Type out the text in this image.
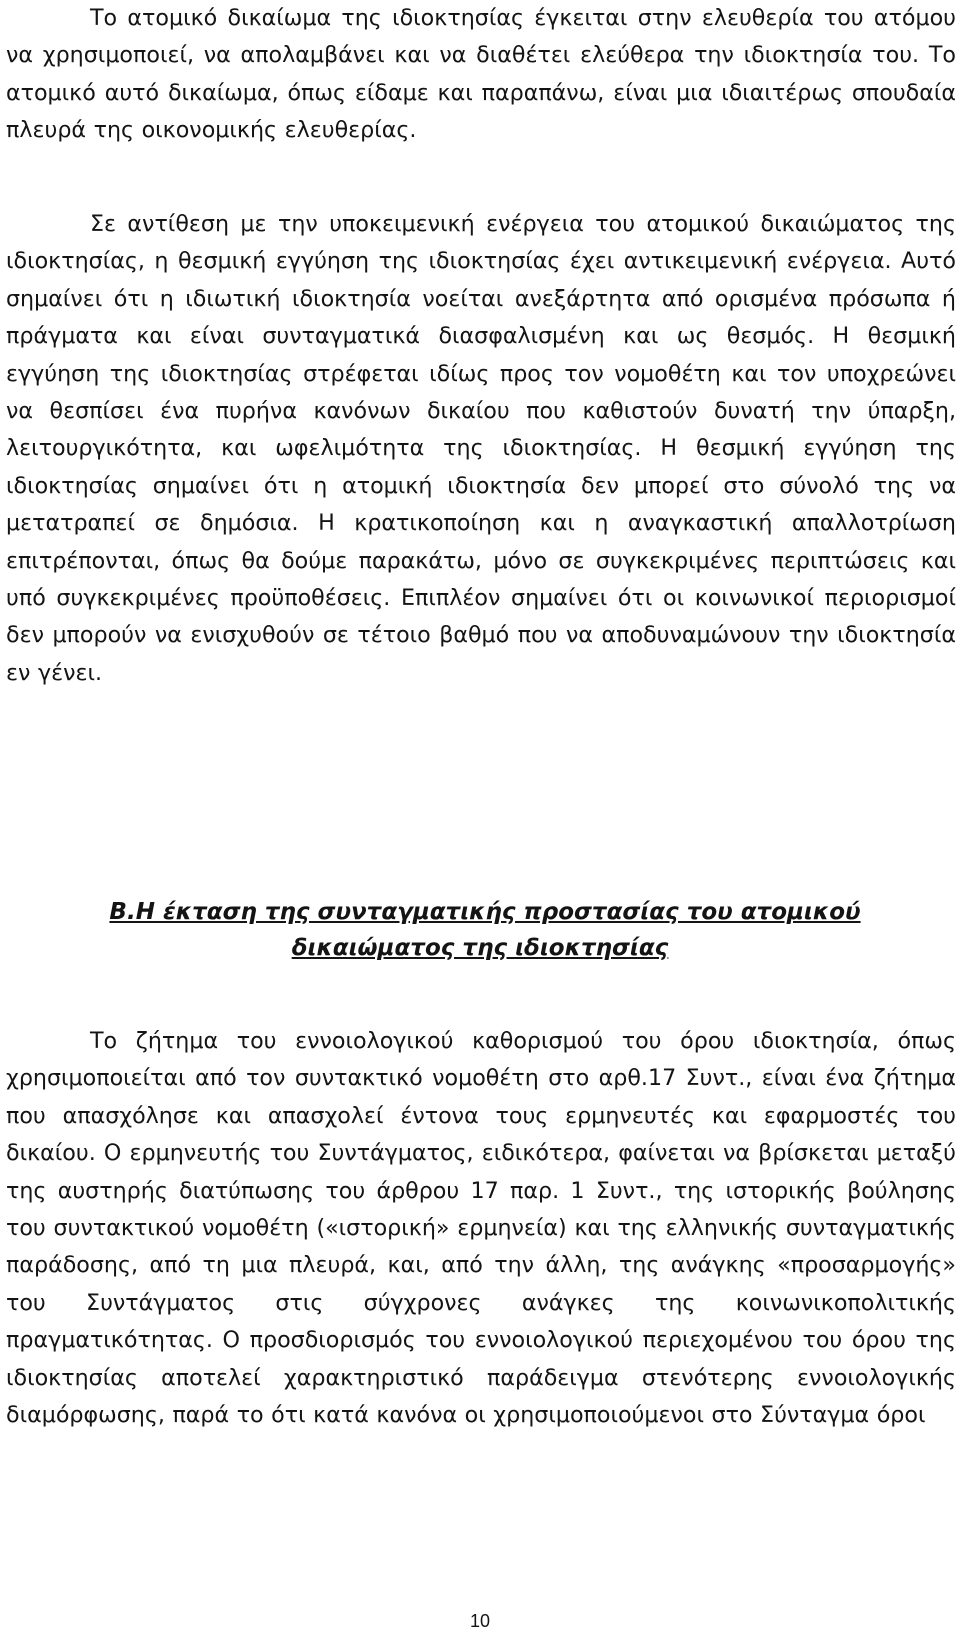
Το ατομικό δικαίωμα της ιδιοκτησίας έγκειται στην ελευθερία του ατόμου να χρησιμοποιεί, να απολαμβάνει και να διαθέτει ελεύθερα την ιδιοκτησία του. Το ατομικό αυτό δικαίωμα, όπως είδαμε και παραπάνω, είναι μια ιδιαιτέρως σπουδαία πλευρά της οικονομικής ελευθερίας.

Σε αντίθεση με την υποκειμενική ενέργεια του ατομικού δικαιώματος της ιδιοκτησίας, η θεσμική εγγύηση της ιδιοκτησίας έχει αντικειμενική ενέργεια. Αυτό σημαίνει ότι η ιδιωτική ιδιοκτησία νοείται ανεξάρτητα από ορισμένα πρόσωπα ή πράγματα και είναι συνταγματικά διασφαλισμένη και ως θεσμός. Η θεσμική εγγύηση της ιδιοκτησίας στρέφεται ιδίως προς τον νομοθέτη και τον υποχρεώνει να θεσπίσει ένα πυρήνα κανόνων δικαίου που καθιστούν δυνατή την ύπαρξη, λειτουργικότητα, και ωφελιμότητα της ιδιοκτησίας. Η θεσμική εγγύηση της ιδιοκτησίας σημαίνει ότι η ατομική ιδιοκτησία δεν μπορεί στο σύνολό της να μετατραπεί σε δημόσια. Η κρατικοποίηση και η αναγκαστική απαλλοτρίωση επιτρέπονται, όπως θα δούμε παρακάτω, μόνο σε συγκεκριμένες περιπτώσεις και υπό συγκεκριμένες προϋποθέσεις. Επιπλέον σημαίνει ότι οι κοινωνικοί περιορισμοί δεν μπορούν να ενισχυθούν σε τέτοιο βαθμό που να αποδυναμώνουν την ιδιοκτησία εν γένει.

Β.Η έκταση της συνταγματικής προστασίας του ατομικού

δικαιώματος της ιδιοκτησίας

Το ζήτημα του εννοιολογικού καθορισμού του όρου ιδιοκτησία, όπως χρησιμοποιείται από τον συντακτικό νομοθέτη στο αρθ.17 Συντ., είναι ένα ζήτημα που απασχόλησε και απασχολεί έντονα τους ερμηνευτές και εφαρμοστές του δικαίου. Ο ερμηνευτής του Συντάγματος, ειδικότερα, φαίνεται να βρίσκεται μεταξύ της αυστηρής διατύπωσης του άρθρου 17 παρ. 1 Συντ., της ιστορικής βούλησης του συντακτικού νομοθέτη («ιστορική» ερμηνεία) και της ελληνικής συνταγματικής παράδοσης, από τη μια πλευρά, και, από την άλλη, της ανάγκης «προσαρμογής» του Συντάγματος στις σύγχρονες ανάγκες της κοινωνικοπολιτικής πραγματικότητας. Ο προσδιορισμός του εννοιολογικού περιεχομένου του όρου της ιδιοκτησίας αποτελεί χαρακτηριστικό παράδειγμα στενότερης εννοιολογικής διαμόρφωσης, παρά το ότι κατά κανόνα οι χρησιμοποιούμενοι στο Σύνταγμα όροι

10
